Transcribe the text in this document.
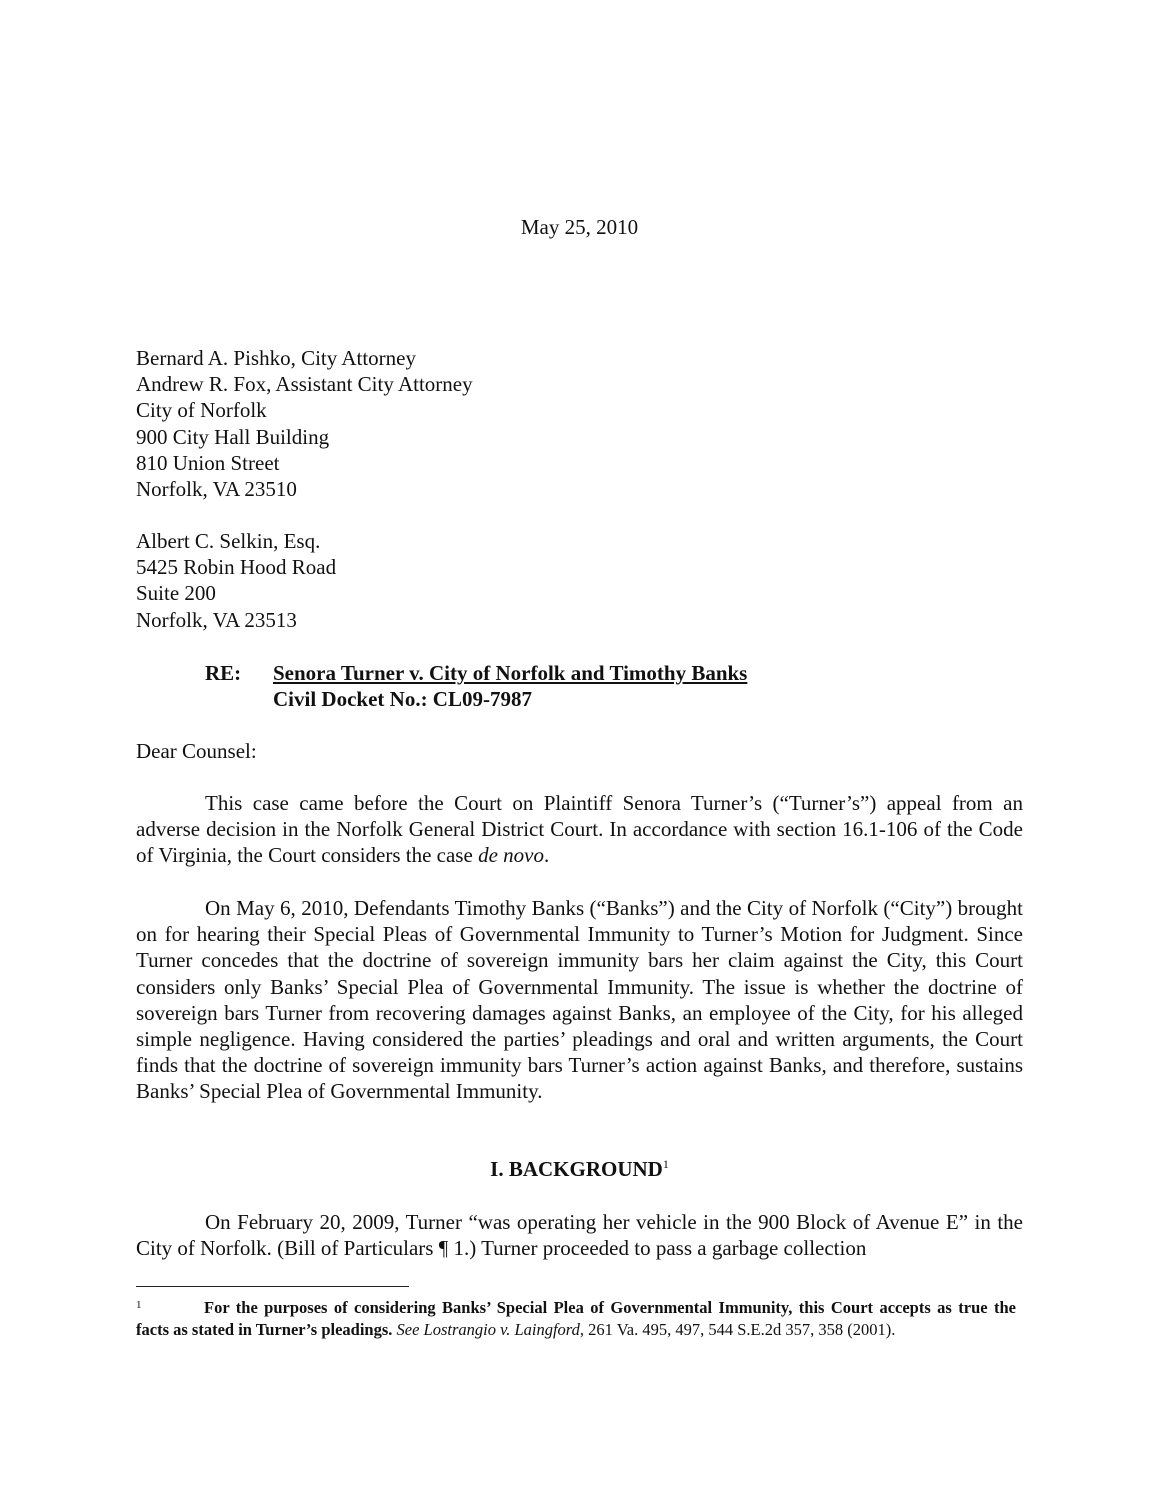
May 25, 2010
Bernard A. Pishko, City Attorney
Andrew R. Fox, Assistant City Attorney
City of Norfolk
900 City Hall Building
810 Union Street
Norfolk, VA 23510
Albert C. Selkin, Esq.
5425 Robin Hood Road
Suite 200
Norfolk, VA 23513
RE:	Senora Turner v. City of Norfolk and Timothy Banks
Civil Docket No.: CL09-7987
Dear Counsel:
This case came before the Court on Plaintiff Senora Turner’s (“Turner’s”) appeal from an adverse decision in the Norfolk General District Court. In accordance with section 16.1-106 of the Code of Virginia, the Court considers the case de novo.
On May 6, 2010, Defendants Timothy Banks (“Banks”) and the City of Norfolk (“City”) brought on for hearing their Special Pleas of Governmental Immunity to Turner’s Motion for Judgment. Since Turner concedes that the doctrine of sovereign immunity bars her claim against the City, this Court considers only Banks’ Special Plea of Governmental Immunity. The issue is whether the doctrine of sovereign bars Turner from recovering damages against Banks, an employee of the City, for his alleged simple negligence. Having considered the parties’ pleadings and oral and written arguments, the Court finds that the doctrine of sovereign immunity bars Turner’s action against Banks, and therefore, sustains Banks’ Special Plea of Governmental Immunity.
I. BACKGROUND$^1$
On February 20, 2009, Turner “was operating her vehicle in the 900 Block of Avenue E” in the City of Norfolk. (Bill of Particulars ¶ 1.) Turner proceeded to pass a garbage collection
1	For the purposes of considering Banks’ Special Plea of Governmental Immunity, this Court accepts as true the facts as stated in Turner’s pleadings. See Lostrangio v. Laingford, 261 Va. 495, 497, 544 S.E.2d 357, 358 (2001).
